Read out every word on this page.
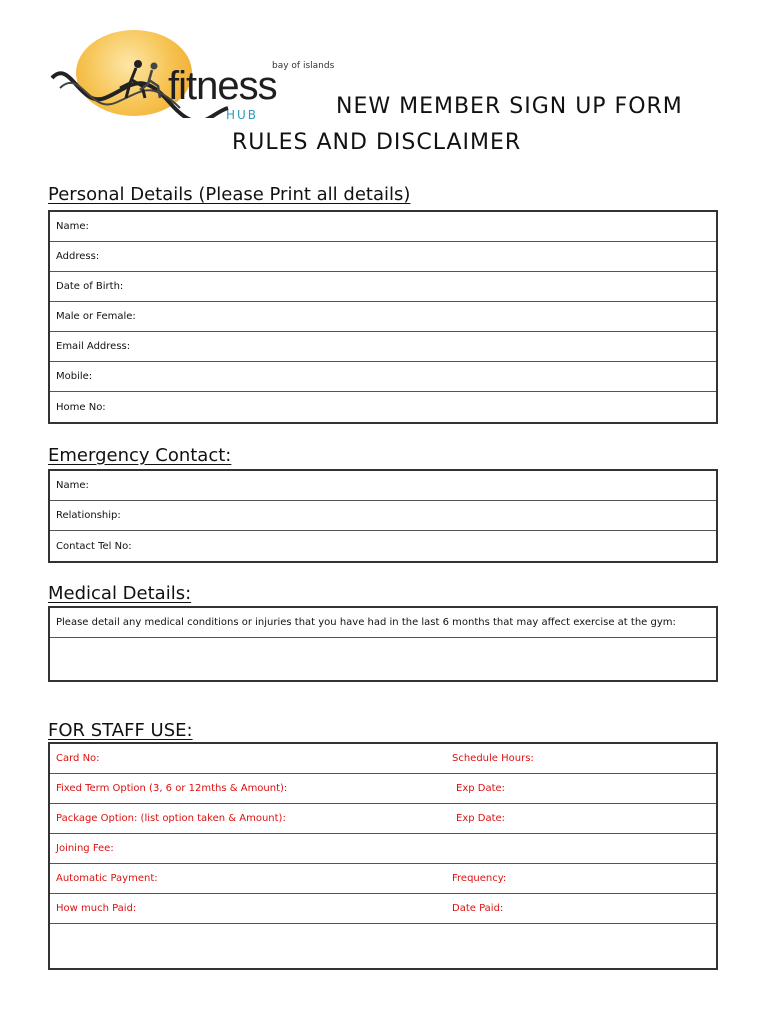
bay of islands
fitness
HUB	NEW MEMBER SIGN UP FORM
RULES AND DISCLAIMER
Personal Details (Please Print all details)
Name:
Address:
Date of Birth:
Male or Female:
Email Address:
Mobile:
Home No:
Emergency Contact:
Name:
Relationship:
Contact Tel No:
Medical Details:
Please detail any medical conditions or injuries that you have had in the last 6 months that may affect exercise at the gym:
FOR STAFF USE:
Card No:	Schedule Hours:
Fixed Term Option (3, 6 or 12mths & Amount):	Exp Date:
Package Option: (list option taken & Amount):	Exp Date:
Joining Fee:
Automatic Payment:	Frequency:
How much Paid:	Date Paid:
